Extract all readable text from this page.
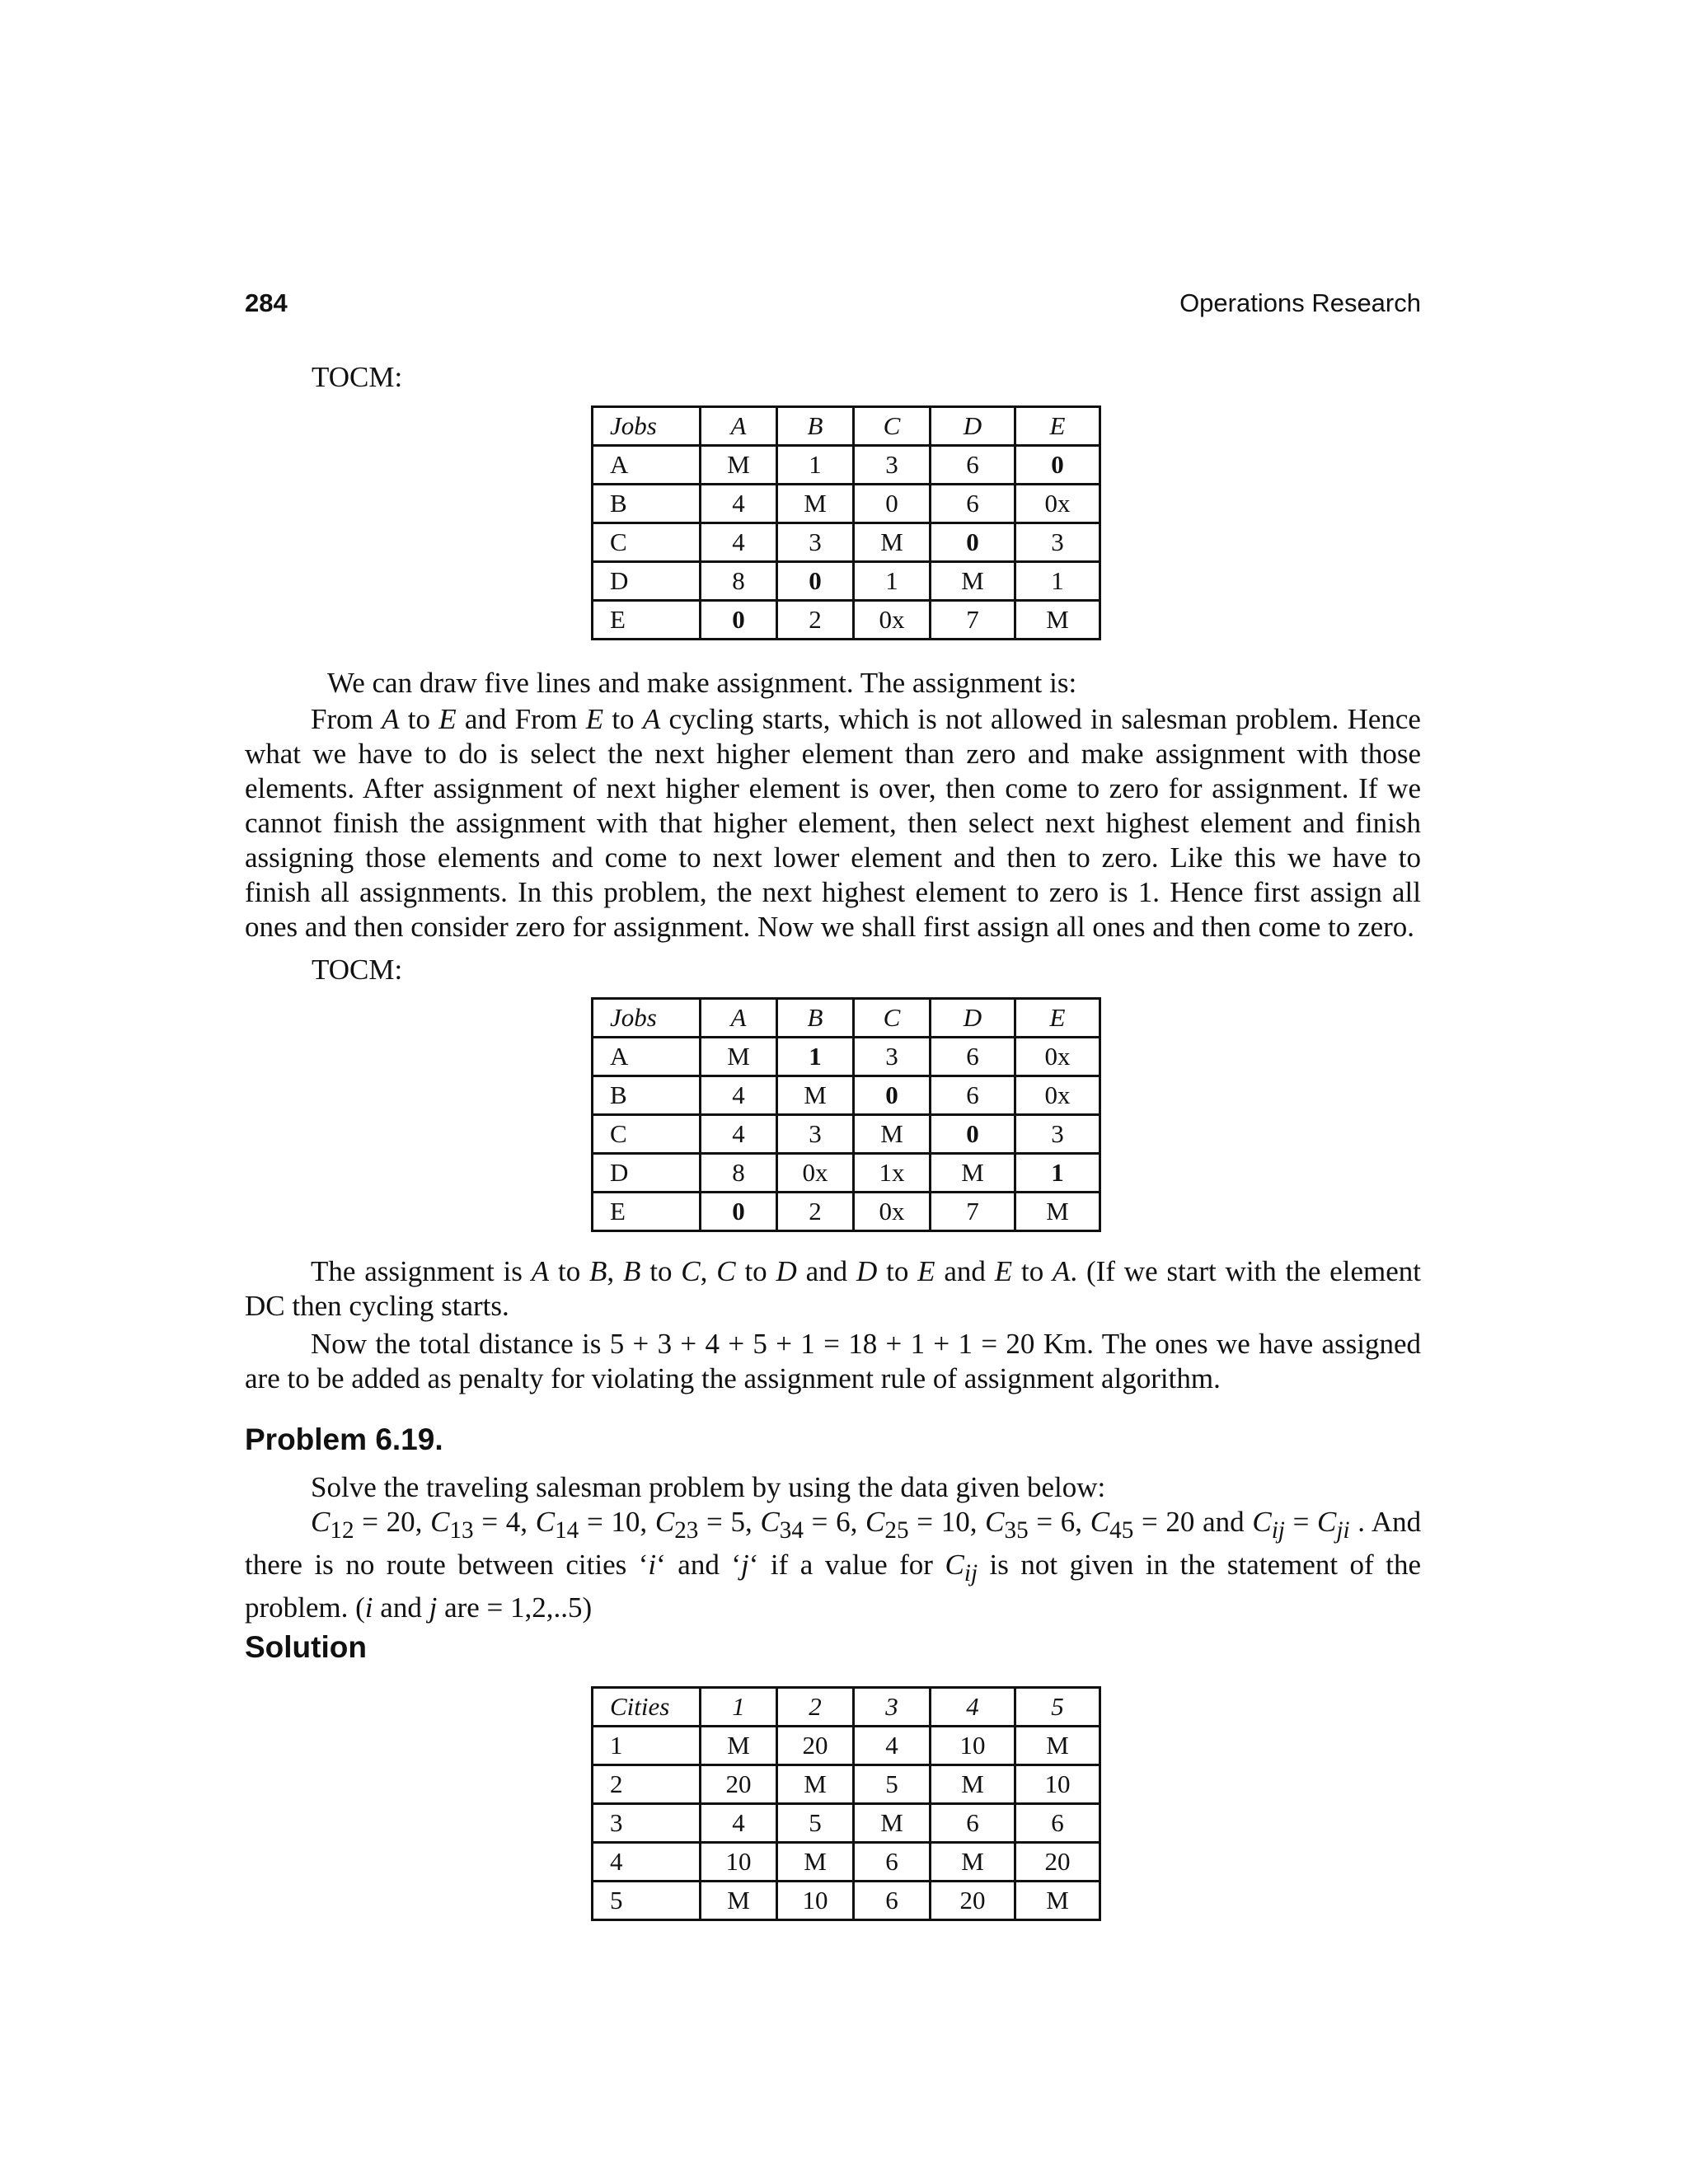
284	Operations Research
TOCM:
Jobs	A	B	C	D	E
A	M	1	3	6	0
B	4	M	0	6	0x
C	4	3	M	0	3
D	8	0	1	M	1
E	0	2	0x	7	M

We can draw five lines and make assignment. The assignment is:

From A to E and From E to A cycling starts, which is not allowed in salesman problem. Hence what we have to do is select the next higher element than zero and make assignment with those elements. After assignment of next higher element is over, then come to zero for assignment. If we cannot finish the assignment with that higher element, then select next highest element and finish assigning those elements and come to next lower element and then to zero. Like this we have to finish all assignments. In this problem, the next highest element to zero is 1. Hence first assign all ones and then consider zero for assignment. Now we shall first assign all ones and then come to zero.

TOCM:
Jobs	A	B	C	D	E
A	M	1	3	6	0x
B	4	M	0	6	0x
C	4	3	M	0	3
D	8	0x	1x	M	1
E	0	2	0x	7	M

The assignment is A to B, B to C, C to D and D to E and E to A. (If we start with the element DC then cycling starts.

Now the total distance is 5 + 3 + 4 + 5 + 1 = 18 + 1 + 1 = 20 Km. The ones we have assigned are to be added as penalty for violating the assignment rule of assignment algorithm.

Problem 6.19.

Solve the traveling salesman problem by using the data given below:

$C_{12} = 20$, $C_{13} = 4$, $C_{14} = 10$, $C_{23} = 5$, $C_{34} = 6$, $C_{25} = 10$, $C_{35} = 6$, $C_{45} = 20$ and $C_{ij} = C_{ji}$ . And there is no route between cities ‘i‘ and ‘j‘ if a value for $C_{ij}$ is not given in the statement of the problem. (i and j are = 1,2,..5)

Solution
Cities	1	2	3	4	5
1	M	20	4	10	M
2	20	M	5	M	10
3	4	5	M	6	6
4	10	M	6	M	20
5	M	10	6	20	M
